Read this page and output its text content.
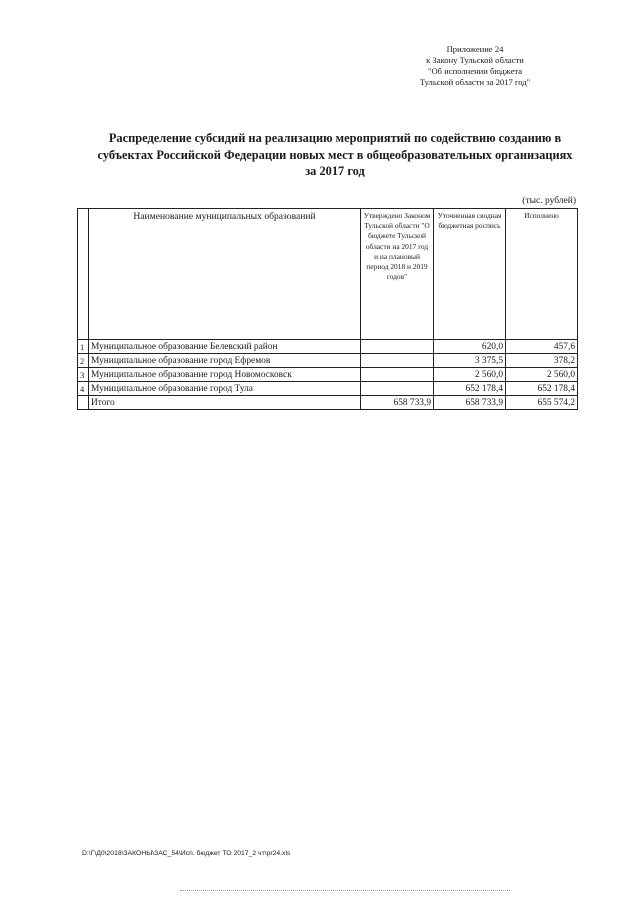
Приложение 24
к Закону Тульской области
"Об исполнении бюджета
Тульской области за 2017 год"
Распределение субсидий на реализацию мероприятий по содействию созданию в
субъектах Российской Федерации новых мест в общеобразовательных организациях
за 2017 год
(тыс. рублей)
	Наименование муниципальных образований	Утверждено Законом Тульской области "О бюджете Тульской области на 2017 год и на плановый период 2018 и 2019 годов"	Уточненная сводная бюджетная роспись	Исполнено
1	Муниципальное образование Белевский район		620,0	457,6
2	Муниципальное образование город Ефремов		3 375,5	378,2
3	Муниципальное образование город Новомосковск		2 560,0	2 560,0
4	Муниципальное образование город Тула		652 178,4	652 178,4
	Итого	658 733,9	658 733,9	655 574,2
D:\Г\Д0\2018\ЗАКОНЫ\ЗАС_54\Исп. бюджет ТО 2017_2 чт\pr24.xls
